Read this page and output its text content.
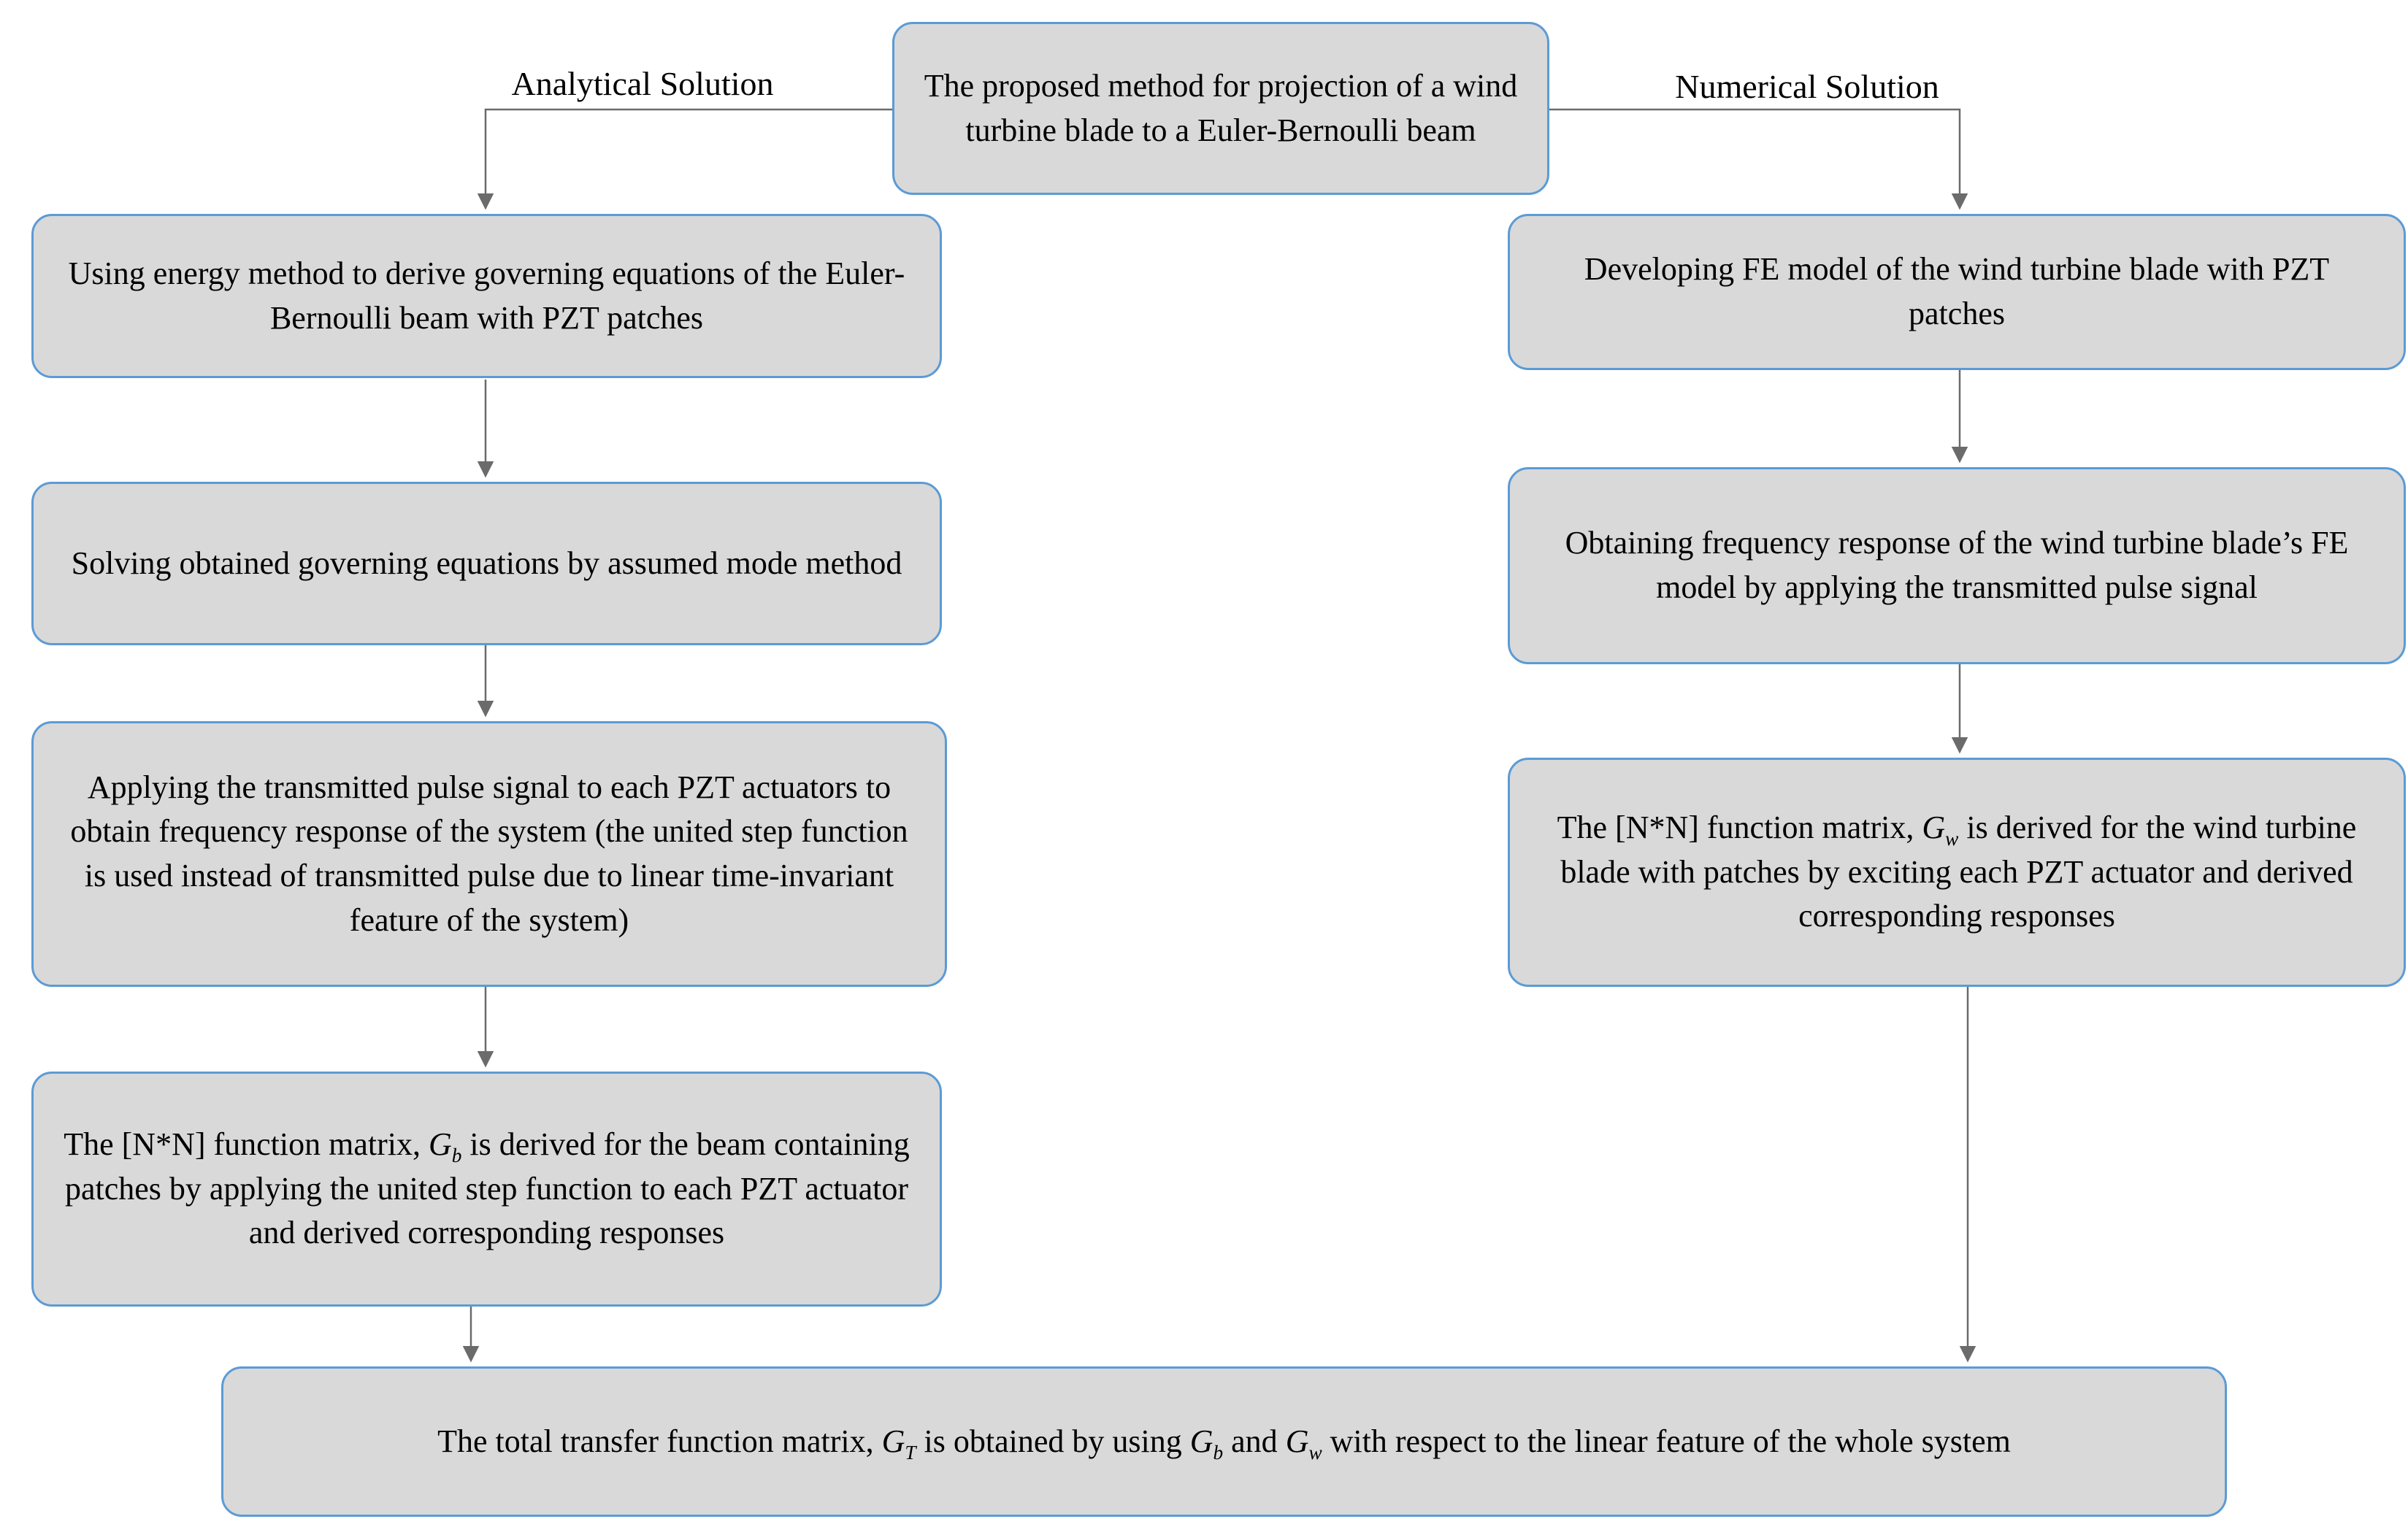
The proposed method for projection of a wind turbine blade to a Euler-Bernoulli beam
Analytical Solution	Numerical Solution
Using energy method to derive governing equations of the Euler-Bernoulli beam with PZT patches
Solving obtained governing equations by assumed mode method
Applying the transmitted pulse signal to each PZT actuators to obtain frequency response of the system (the united step function is used instead of transmitted pulse due to linear time-invariant feature of the system)
The [N*N] function matrix, $G_b$ is derived for the beam containing patches by applying the united step function to each PZT actuator and derived corresponding responses
Developing FE model of the wind turbine blade with PZT patches
Obtaining frequency response of the wind turbine blade’s FE model by applying the transmitted pulse signal
The [N*N] function matrix, $G_w$ is derived for the wind turbine blade with patches by exciting each PZT actuator and derived corresponding responses
The total transfer function matrix, $G_T$ is obtained by using $G_b$ and $G_w$ with respect to the linear feature of the whole system
